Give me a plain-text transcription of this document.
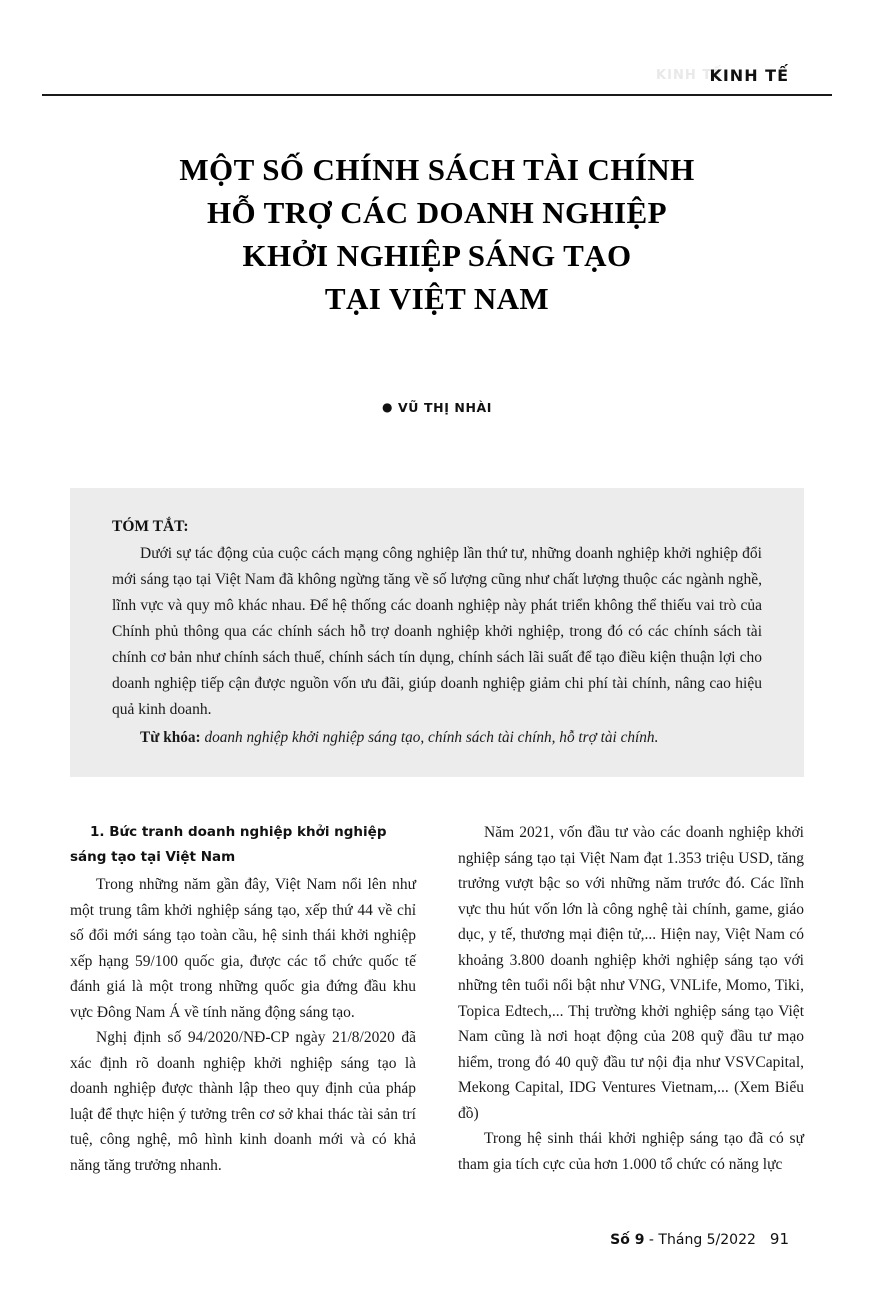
KINH TẾ
KINH TẾ
MỘT SỐ CHÍNH SÁCH TÀI CHÍNH
HỖ TRỢ CÁC DOANH NGHIỆP
KHỞI NGHIỆP SÁNG TẠO
TẠI VIỆT NAM
● VŨ THỊ NHÀI
TÓM TẮT:
Dưới sự tác động của cuộc cách mạng công nghiệp lần thứ tư, những doanh nghiệp khởi nghiệp đổi mới sáng tạo tại Việt Nam đã không ngừng tăng về số lượng cũng như chất lượng thuộc các ngành nghề, lĩnh vực và quy mô khác nhau. Để hệ thống các doanh nghiệp này phát triển không thể thiếu vai trò của Chính phủ thông qua các chính sách hỗ trợ doanh nghiệp khởi nghiệp, trong đó có các chính sách tài chính cơ bản như chính sách thuế, chính sách tín dụng, chính sách lãi suất để tạo điều kiện thuận lợi cho doanh nghiệp tiếp cận được nguồn vốn ưu đãi, giúp doanh nghiệp giảm chi phí tài chính, nâng cao hiệu quả kinh doanh.
Từ khóa: doanh nghiệp khởi nghiệp sáng tạo, chính sách tài chính, hỗ trợ tài chính.
1. Bức tranh doanh nghiệp khởi nghiệp sáng tạo tại Việt Nam

Trong những năm gần đây, Việt Nam nổi lên như một trung tâm khởi nghiệp sáng tạo, xếp thứ 44 về chỉ số đổi mới sáng tạo toàn cầu, hệ sinh thái khởi nghiệp xếp hạng 59/100 quốc gia, được các tổ chức quốc tế đánh giá là một trong những quốc gia đứng đầu khu vực Đông Nam Á về tính năng động sáng tạo.

Nghị định số 94/2020/NĐ-CP ngày 21/8/2020 đã xác định rõ doanh nghiệp khởi nghiệp sáng tạo là doanh nghiệp được thành lập theo quy định của pháp luật để thực hiện ý tưởng trên cơ sở khai thác tài sản trí tuệ, công nghệ, mô hình kinh doanh mới và có khả năng tăng trưởng nhanh.

Năm 2021, vốn đầu tư vào các doanh nghiệp khởi nghiệp sáng tạo tại Việt Nam đạt 1.353 triệu USD, tăng trưởng vượt bậc so với những năm trước đó. Các lĩnh vực thu hút vốn lớn là công nghệ tài chính, game, giáo dục, y tế, thương mại điện tử,... Hiện nay, Việt Nam có khoảng 3.800 doanh nghiệp khởi nghiệp sáng tạo với những tên tuổi nổi bật như VNG, VNLife, Momo, Tiki, Topica Edtech,... Thị trường khởi nghiệp sáng tạo Việt Nam cũng là nơi hoạt động của 208 quỹ đầu tư mạo hiểm, trong đó 40 quỹ đầu tư nội địa như VSVCapital, Mekong Capital, IDG Ventures Vietnam,... (Xem Biểu đồ)

Trong hệ sinh thái khởi nghiệp sáng tạo đã có sự tham gia tích cực của hơn 1.000 tổ chức có năng lực

Số 9 - Tháng 5/2022 91
